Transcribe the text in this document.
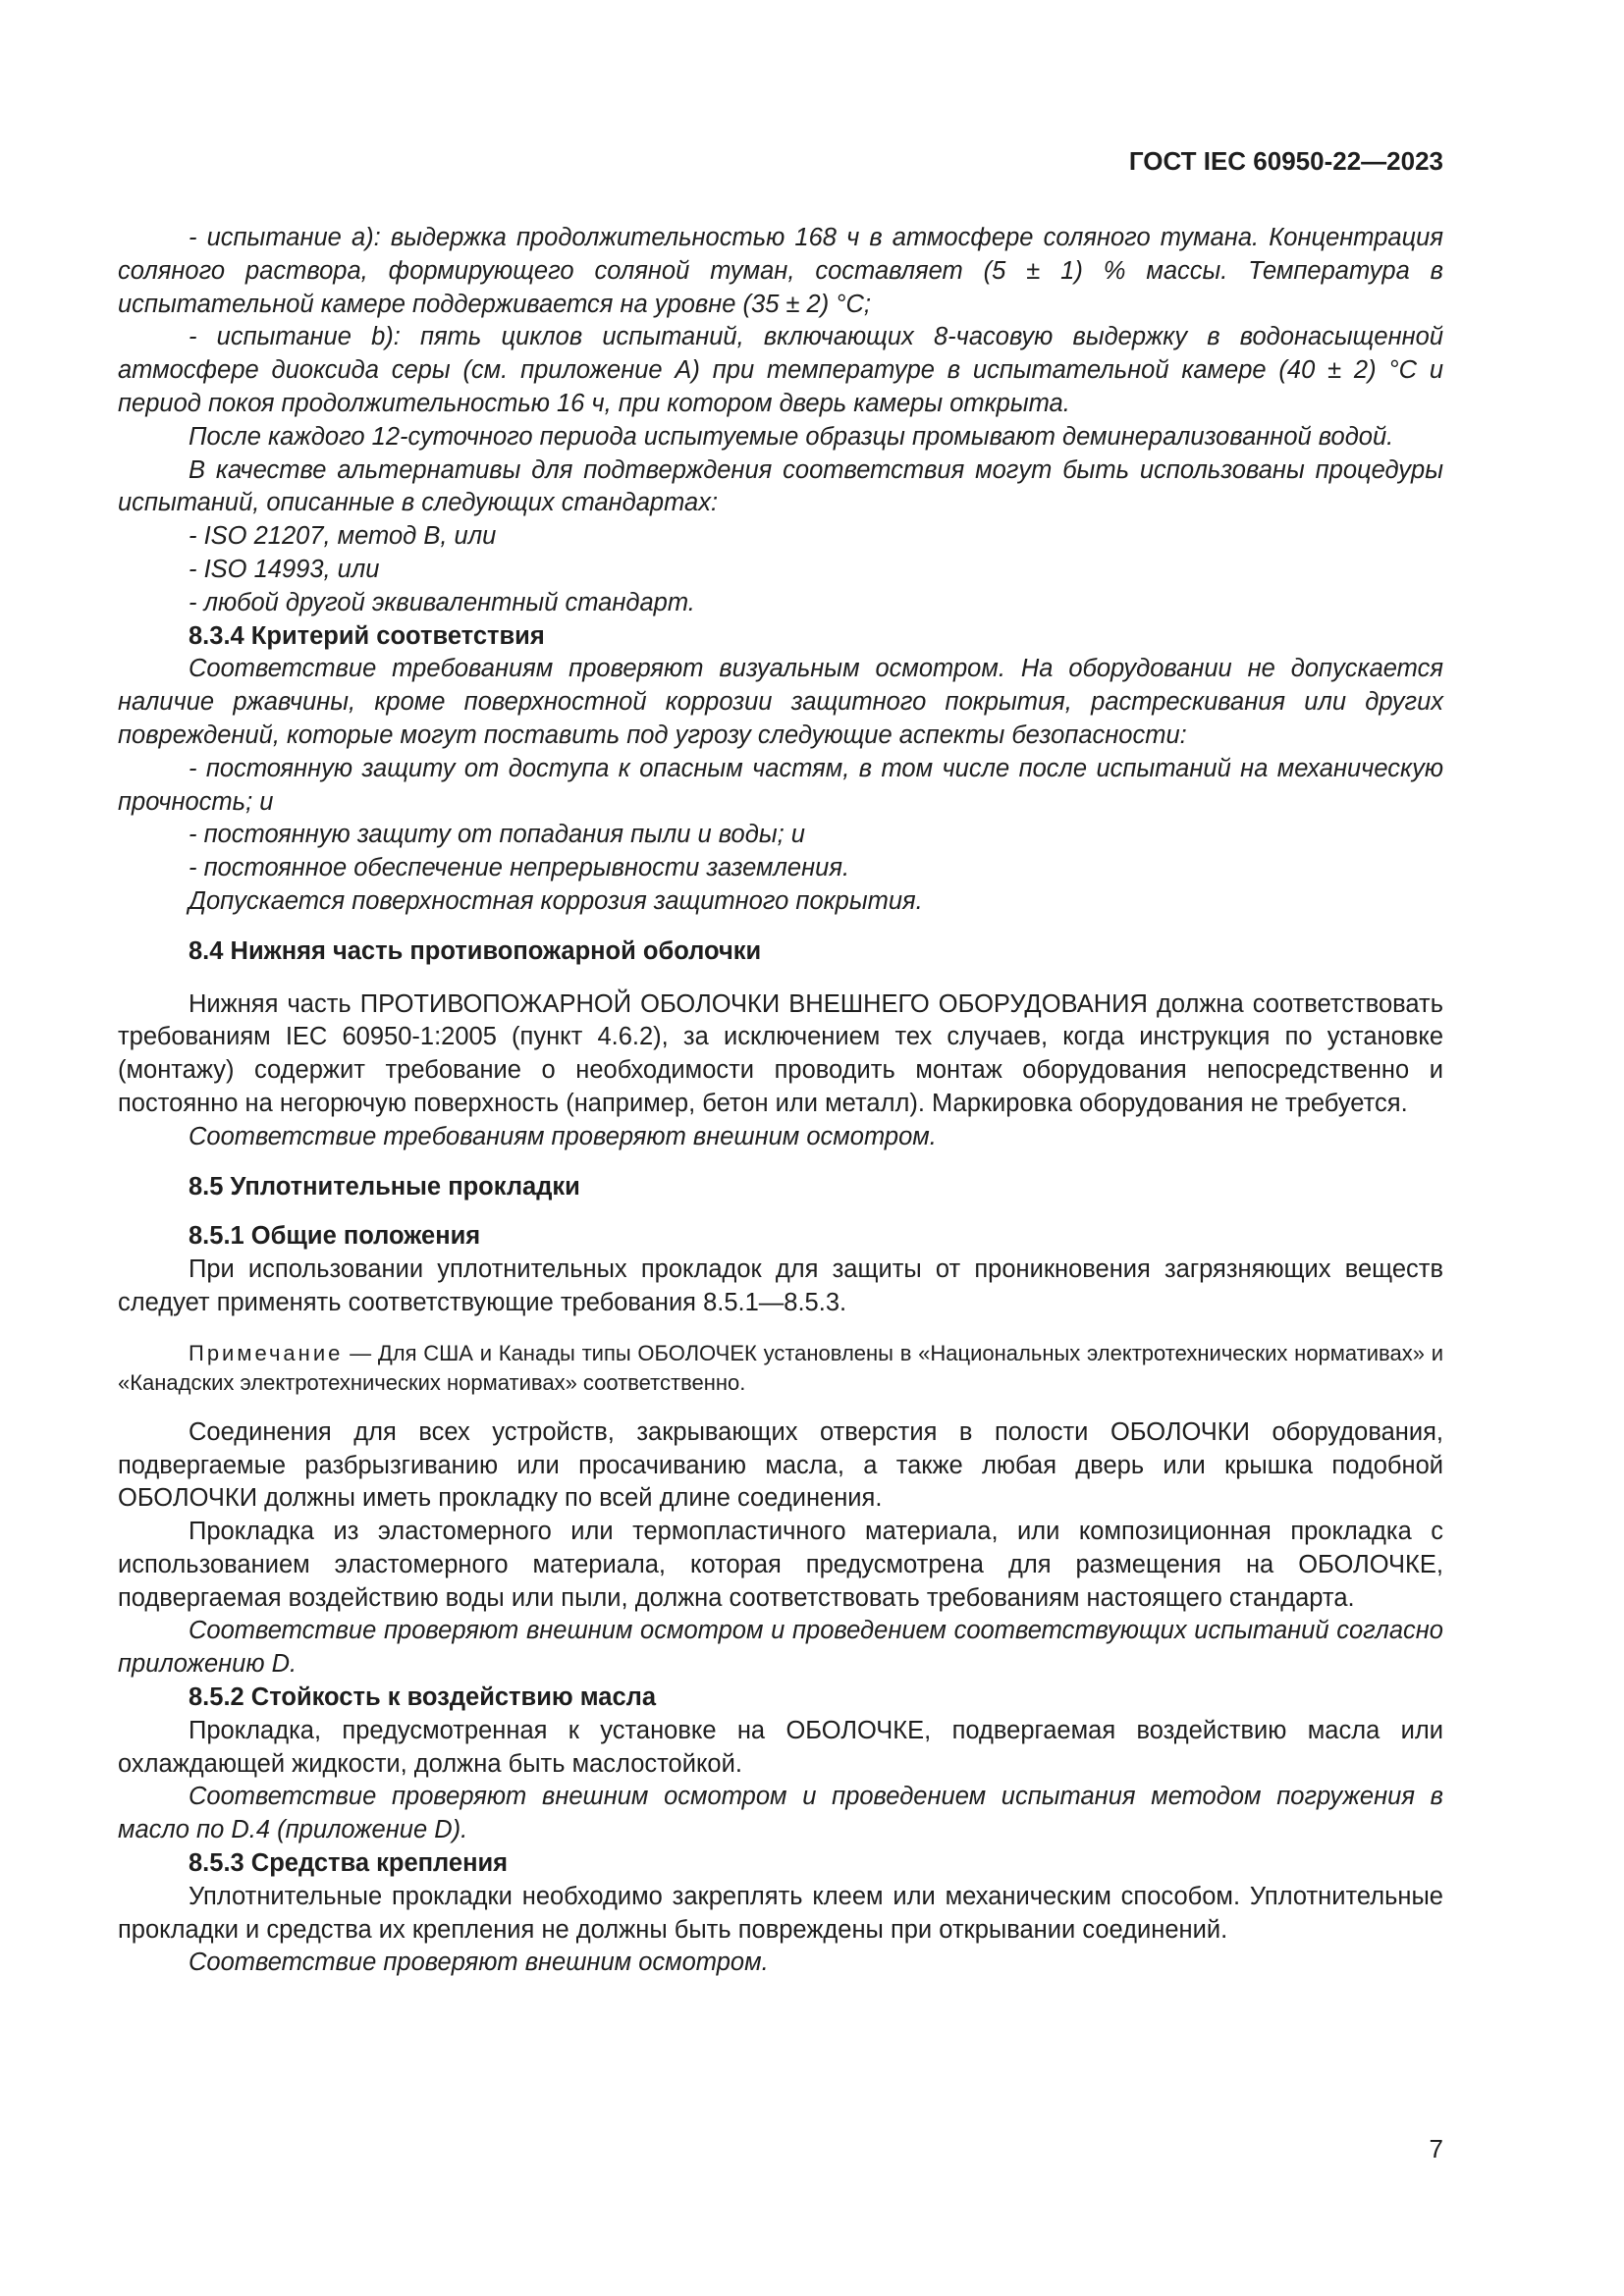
ГОСТ IEC 60950-22—2023

- испытание a): выдержка продолжительностью 168 ч в атмосфере соляного тумана. Концентрация соляного раствора, формирующего соляной туман, составляет (5 ± 1) % массы. Температура в испытательной камере поддерживается на уровне (35 ± 2) °С;

- испытание b): пять циклов испытаний, включающих 8-часовую выдержку в водонасыщенной атмосфере диоксида серы (см. приложение А) при температуре в испытательной камере (40 ± 2) °С и период покоя продолжительностью 16 ч, при котором дверь камеры открыта.

После каждого 12-суточного периода испытуемые образцы промывают деминерализованной водой.

В качестве альтернативы для подтверждения соответствия могут быть использованы процедуры испытаний, описанные в следующих стандартах:

- ISO 21207, метод В, или

- ISO 14993, или

- любой другой эквивалентный стандарт.

8.3.4 Критерий соответствия

Соответствие требованиям проверяют визуальным осмотром. На оборудовании не допускается наличие ржавчины, кроме поверхностной коррозии защитного покрытия, растрескивания или других повреждений, которые могут поставить под угрозу следующие аспекты безопасности:

- постоянную защиту от доступа к опасным частям, в том числе после испытаний на механическую прочность; и

- постоянную защиту от попадания пыли и воды; и

- постоянное обеспечение непрерывности заземления.

Допускается поверхностная коррозия защитного покрытия.

8.4 Нижняя часть противопожарной оболочки

Нижняя часть ПРОТИВОПОЖАРНОЙ ОБОЛОЧКИ ВНЕШНЕГО ОБОРУДОВАНИЯ должна соответствовать требованиям IEC 60950-1:2005 (пункт 4.6.2), за исключением тех случаев, когда инструкция по установке (монтажу) содержит требование о необходимости проводить монтаж оборудования непосредственно и постоянно на негорючую поверхность (например, бетон или металл). Маркировка оборудования не требуется.

Соответствие требованиям проверяют внешним осмотром.

8.5 Уплотнительные прокладки

8.5.1 Общие положения

При использовании уплотнительных прокладок для защиты от проникновения загрязняющих веществ следует применять соответствующие требования 8.5.1—8.5.3.

Примечание — Для США и Канады типы ОБОЛОЧЕК установлены в «Национальных электротехнических нормативах» и «Канадских электротехнических нормативах» соответственно.

Соединения для всех устройств, закрывающих отверстия в полости ОБОЛОЧКИ оборудования, подвергаемые разбрызгиванию или просачиванию масла, а также любая дверь или крышка подобной ОБОЛОЧКИ должны иметь прокладку по всей длине соединения.

Прокладка из эластомерного или термопластичного материала, или композиционная прокладка с использованием эластомерного материала, которая предусмотрена для размещения на ОБОЛОЧКЕ, подвергаемая воздействию воды или пыли, должна соответствовать требованиям настоящего стандарта.

Соответствие проверяют внешним осмотром и проведением соответствующих испытаний согласно приложению D.

8.5.2 Стойкость к воздействию масла

Прокладка, предусмотренная к установке на ОБОЛОЧКЕ, подвергаемая воздействию масла или охлаждающей жидкости, должна быть маслостойкой.

Соответствие проверяют внешним осмотром и проведением испытания методом погружения в масло по D.4 (приложение D).

8.5.3 Средства крепления

Уплотнительные прокладки необходимо закреплять клеем или механическим способом. Уплотнительные прокладки и средства их крепления не должны быть повреждены при открывании соединений.

Соответствие проверяют внешним осмотром.

7
